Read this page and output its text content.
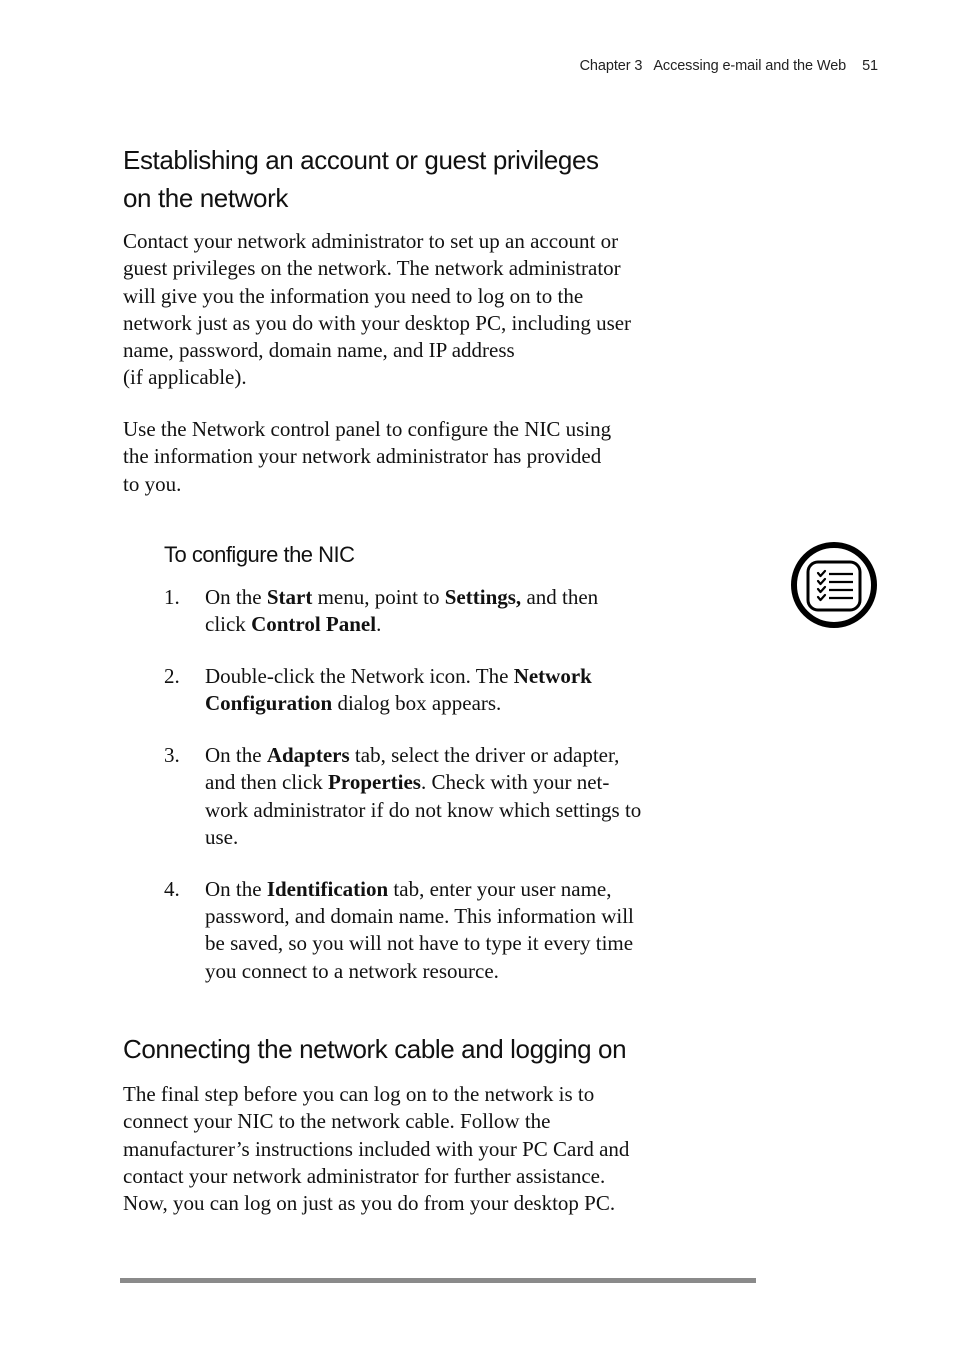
Chapter 3 Accessing e-mail and the Web 51
Establishing an account or guest privileges
on the network

Contact your network administrator to set up an account or
guest privileges on the network. The network administrator
will give you the information you need to log on to the
network just as you do with your desktop PC, including user
name, password, domain name, and IP address
(if applicable).

Use the Network control panel to configure the NIC using
the information your network administrator has provided
to you.

To configure the NIC
1. On the Start menu, point to Settings, and then
click Control Panel.
2. Double-click the Network icon. The Network
Configuration dialog box appears.
3. On the Adapters tab, select the driver or adapter,
and then click Properties. Check with your net-
work administrator if do not know which settings to
use.
4. On the Identification tab, enter your user name,
password, and domain name. This information will
be saved, so you will not have to type it every time
you connect to a network resource.
Connecting the network cable and logging on

The final step before you can log on to the network is to
connect your NIC to the network cable. Follow the
manufacturer’s instructions included with your PC Card and
contact your network administrator for further assistance.
Now, you can log on just as you do from your desktop PC.
